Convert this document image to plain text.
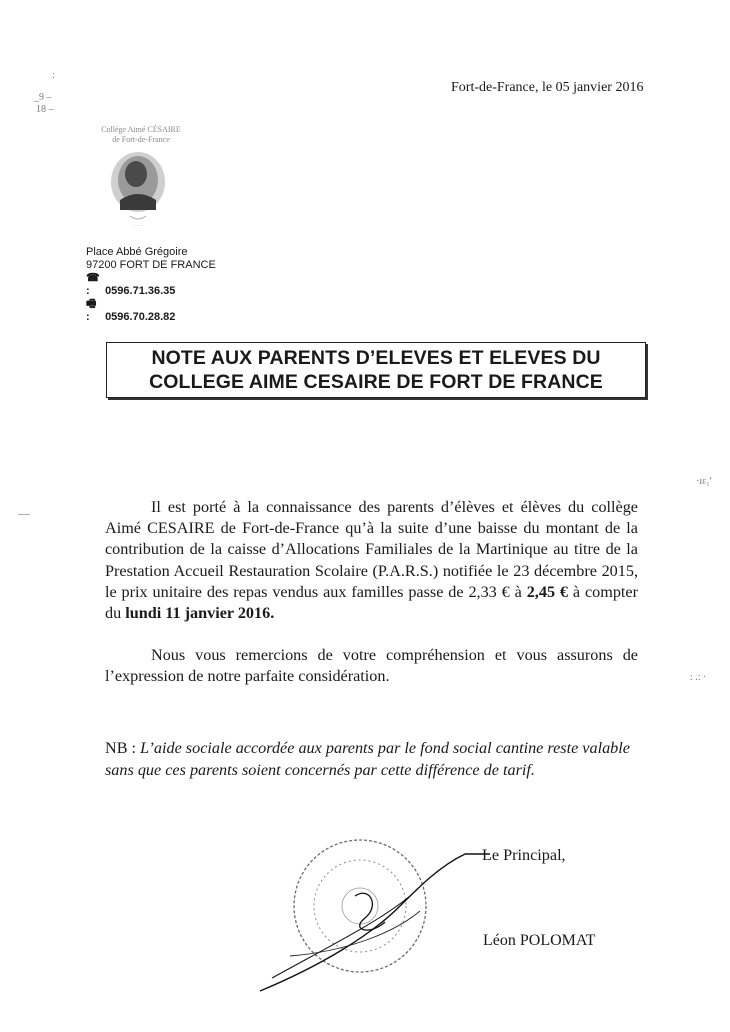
:
_9 –
18 –
—
·ıε₁'
: .: ·
Fort-de-France, le 05 janvier 2016
Collège Aimé CÉSAIRE
de Fort-de-France
· · ·
Place Abbé Grégoire
97200 FORT DE FRANCE
☎ : 0596.71.36.35
🖷 : 0596.70.28.82
NOTE AUX PARENTS D’ELEVES ET ELEVES DU
COLLEGE AIME CESAIRE DE FORT DE FRANCE

Il est porté à la connaissance des parents d’élèves et élèves du collège Aimé CESAIRE de Fort-de-France qu’à la suite d’une baisse du montant de la contribution de la caisse d’Allocations Familiales de la Martinique au titre de la Prestation Accueil Restauration Scolaire (P.A.R.S.) notifiée le 23 décembre 2015, le prix unitaire des repas vendus aux familles passe de 2,33 € à 2,45 € à compter du lundi 11 janvier 2016.

Nous vous remercions de votre compréhension et vous assurons de l’expression de notre parfaite considération.

NB : L’aide sociale accordée aux parents par le fond social cantine reste valable sans que ces parents soient concernés par cette différence de tarif.
Le Principal,
Léon POLOMAT
